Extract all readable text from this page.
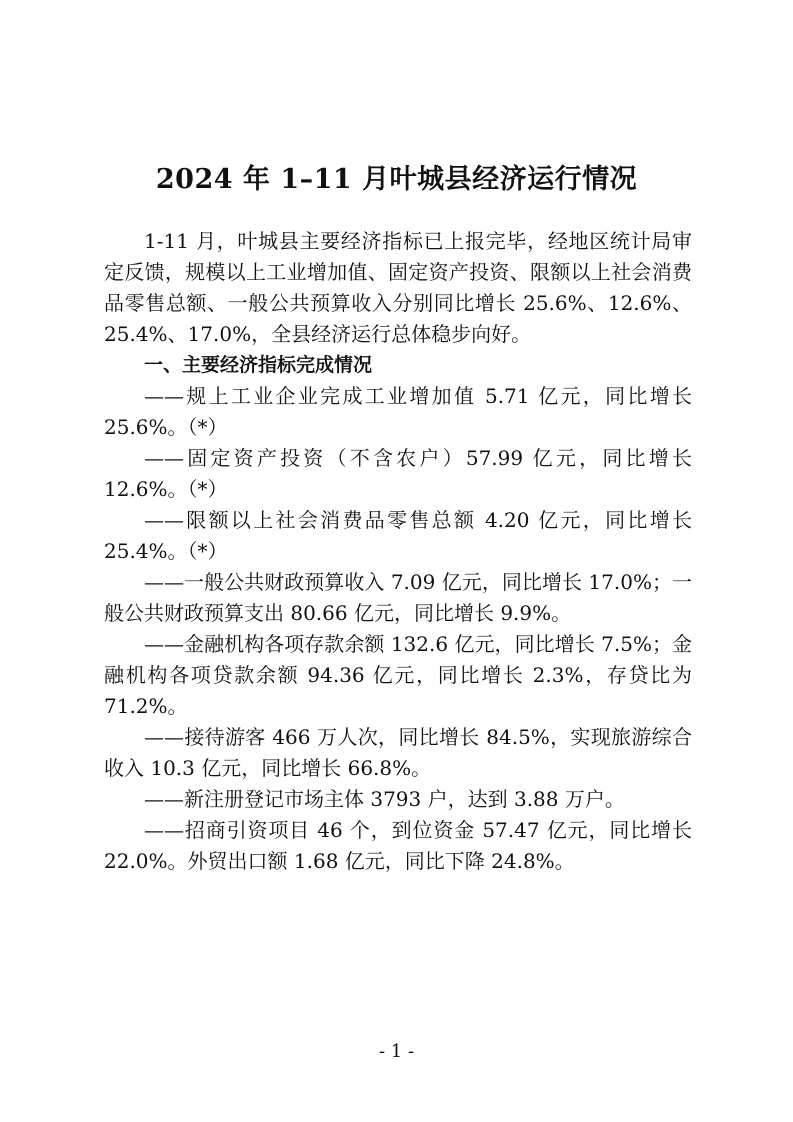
2024 年 1–11 月叶城县经济运行情况

1-11 月，叶城县主要经济指标已上报完毕，经地区统计局审定反馈，规模以上工业增加值、固定资产投资、限额以上社会消费品零售总额、一般公共预算收入分别同比增长 25.6%、12.6%、25.4%、17.0%，全县经济运行总体稳步向好。

一、主要经济指标完成情况

——规上工业企业完成工业增加值 5.71 亿元，同比增长 25.6%。（*）

——固定资产投资（不含农户）57.99 亿元，同比增长 12.6%。（*）

——限额以上社会消费品零售总额 4.20 亿元，同比增长 25.4%。（*）

——一般公共财政预算收入 7.09 亿元，同比增长 17.0%；一般公共财政预算支出 80.66 亿元，同比增长 9.9%。

——金融机构各项存款余额 132.6 亿元，同比增长 7.5%；金融机构各项贷款余额 94.36 亿元，同比增长 2.3%，存贷比为 71.2%。

——接待游客 466 万人次，同比增长 84.5%，实现旅游综合收入 10.3 亿元，同比增长 66.8%。

——新注册登记市场主体 3793 户，达到 3.88 万户。

——招商引资项目 46 个，到位资金 57.47 亿元，同比增长 22.0%。外贸出口额 1.68 亿元，同比下降 24.8%。

- 1 -
